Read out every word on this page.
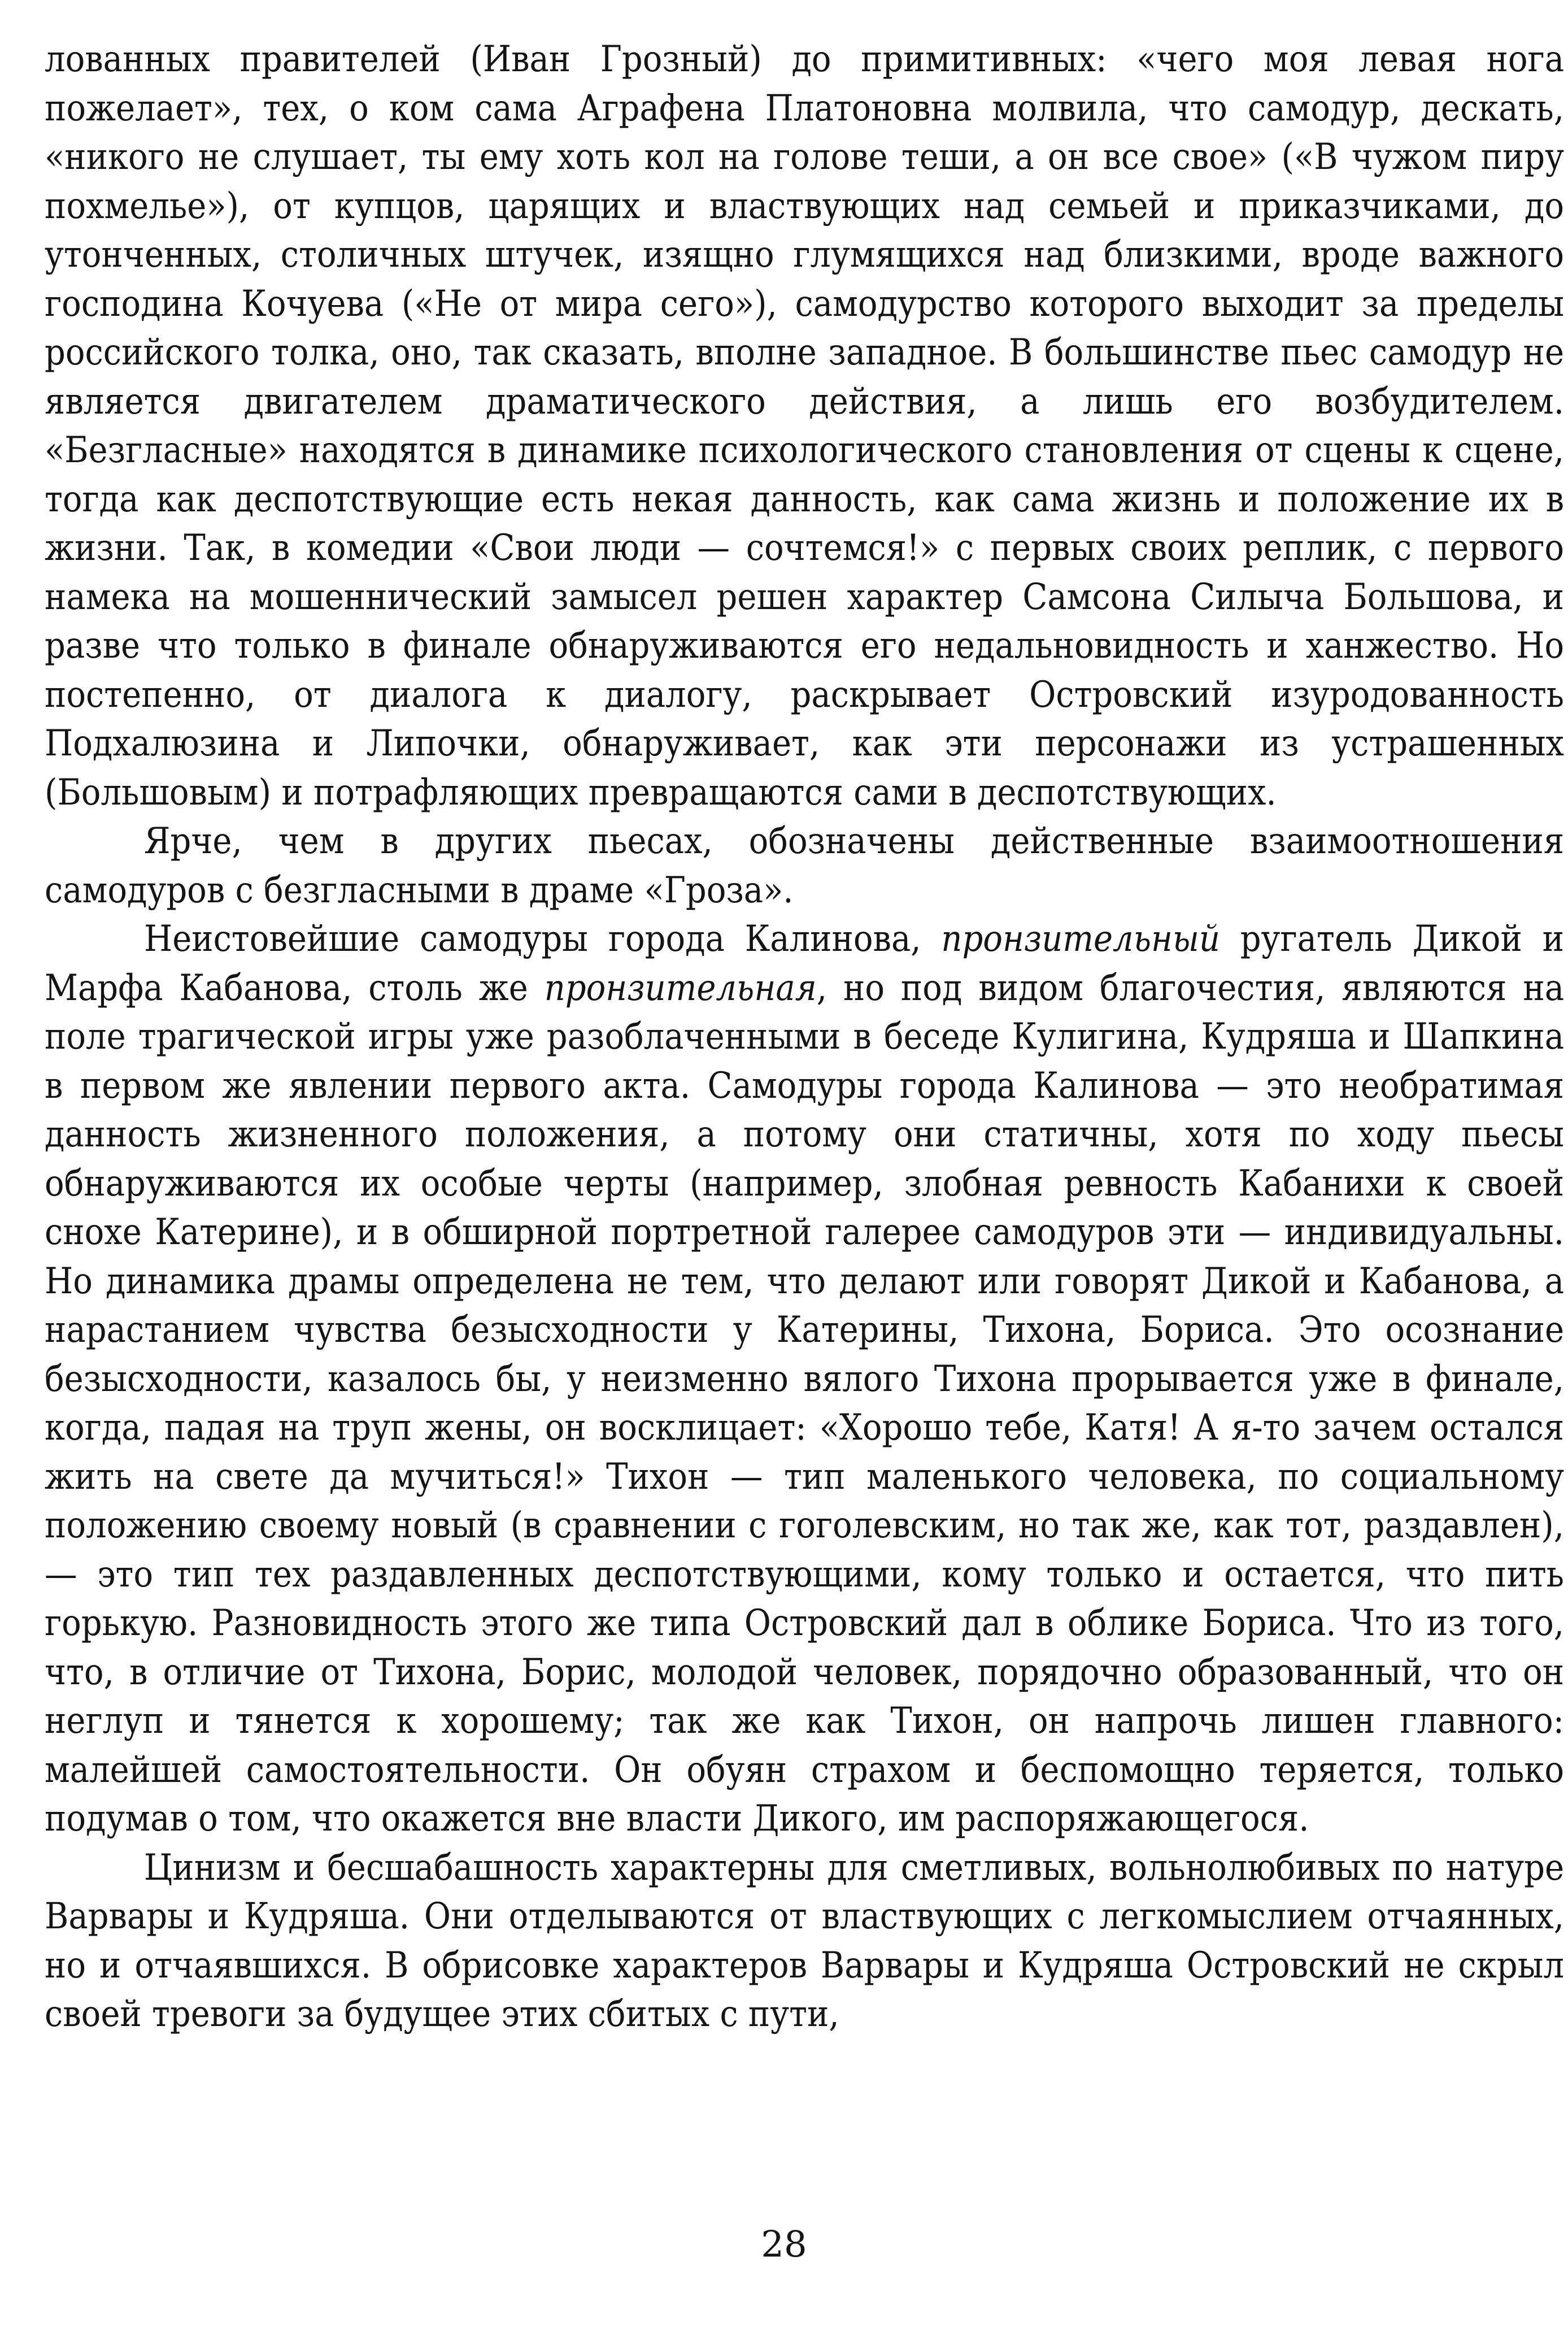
лованных правителей (Иван Грозный) до примитивных: «чего моя левая нога пожелает», тех, о ком сама Аграфена Платоновна молвила, что самодур, дескать, «никого не слушает, ты ему хоть кол на голове теши, а он все свое» («В чужом пиру похмелье»), от купцов, царящих и властвующих над семьей и приказчиками, до утонченных, столичных штучек, изящно глумящихся над близкими, вроде важного господина Кочуева («Не от мира сего»), самодурство которого выходит за пределы российского толка, оно, так сказать, вполне западное. В большинстве пьес самодур не является двигателем драматического действия, а лишь его возбудителем. «Безгласные» находятся в динамике психологического становления от сцены к сцене, тогда как деспотствующие есть некая данность, как сама жизнь и положение их в жизни. Так, в комедии «Свои люди — сочтемся!» с первых своих реплик, с первого намека на мошеннический замысел решен характер Самсона Силыча Большова, и разве что только в финале обнаруживаются его недальновидность и ханжество. Но постепенно, от диалога к диалогу, раскрывает Островский изуродованность Подхалюзина и Липочки, обнаруживает, как эти персонажи из устрашенных (Большовым) и потрафляющих превращаются сами в деспотствующих.

Ярче, чем в других пьесах, обозначены действенные взаимоотношения самодуров с безгласными в драме «Гроза».

Неистовейшие самодуры города Калинова, пронзительный ругатель Дикой и Марфа Кабанова, столь же пронзительная, но под видом благочестия, являются на поле трагической игры уже разоблаченными в беседе Кулигина, Кудряша и Шапкина в первом же явлении первого акта. Самодуры города Калинова — это необратимая данность жизненного положения, а потому они статичны, хотя по ходу пьесы обнаруживаются их особые черты (например, злобная ревность Кабанихи к своей снохе Катерине), и в обширной портретной галерее самодуров эти — индивидуальны. Но динамика драмы определена не тем, что делают или говорят Дикой и Кабанова, а нарастанием чувства безысходности у Катерины, Тихона, Бориса. Это осознание безысходности, казалось бы, у неизменно вялого Тихона прорывается уже в финале, когда, падая на труп жены, он восклицает: «Хорошо тебе, Катя! А я-то зачем остался жить на свете да мучиться!» Тихон — тип маленького человека, по социальному положению своему новый (в сравнении с гоголевским, но так же, как тот, раздавлен),— это тип тех раздавленных деспотствующими, кому только и остается, что пить горькую. Разновидность этого же типа Островский дал в облике Бориса. Что из того, что, в отличие от Тихона, Борис, молодой человек, порядочно образованный, что он неглуп и тянется к хорошему; так же как Тихон, он напрочь лишен главного: малейшей самостоятельности. Он обуян страхом и беспомощно теряется, только подумав о том, что окажется вне власти Дикого, им распоряжающегося.

Цинизм и бесшабашность характерны для сметливых, вольнолюбивых по натуре Варвары и Кудряша. Они отделываются от властвующих с легкомыслием отчаянных, но и отчаявшихся. В обрисовке характеров Варвары и Кудряша Островский не скрыл своей тревоги за будущее этих сбитых с пути,

28
